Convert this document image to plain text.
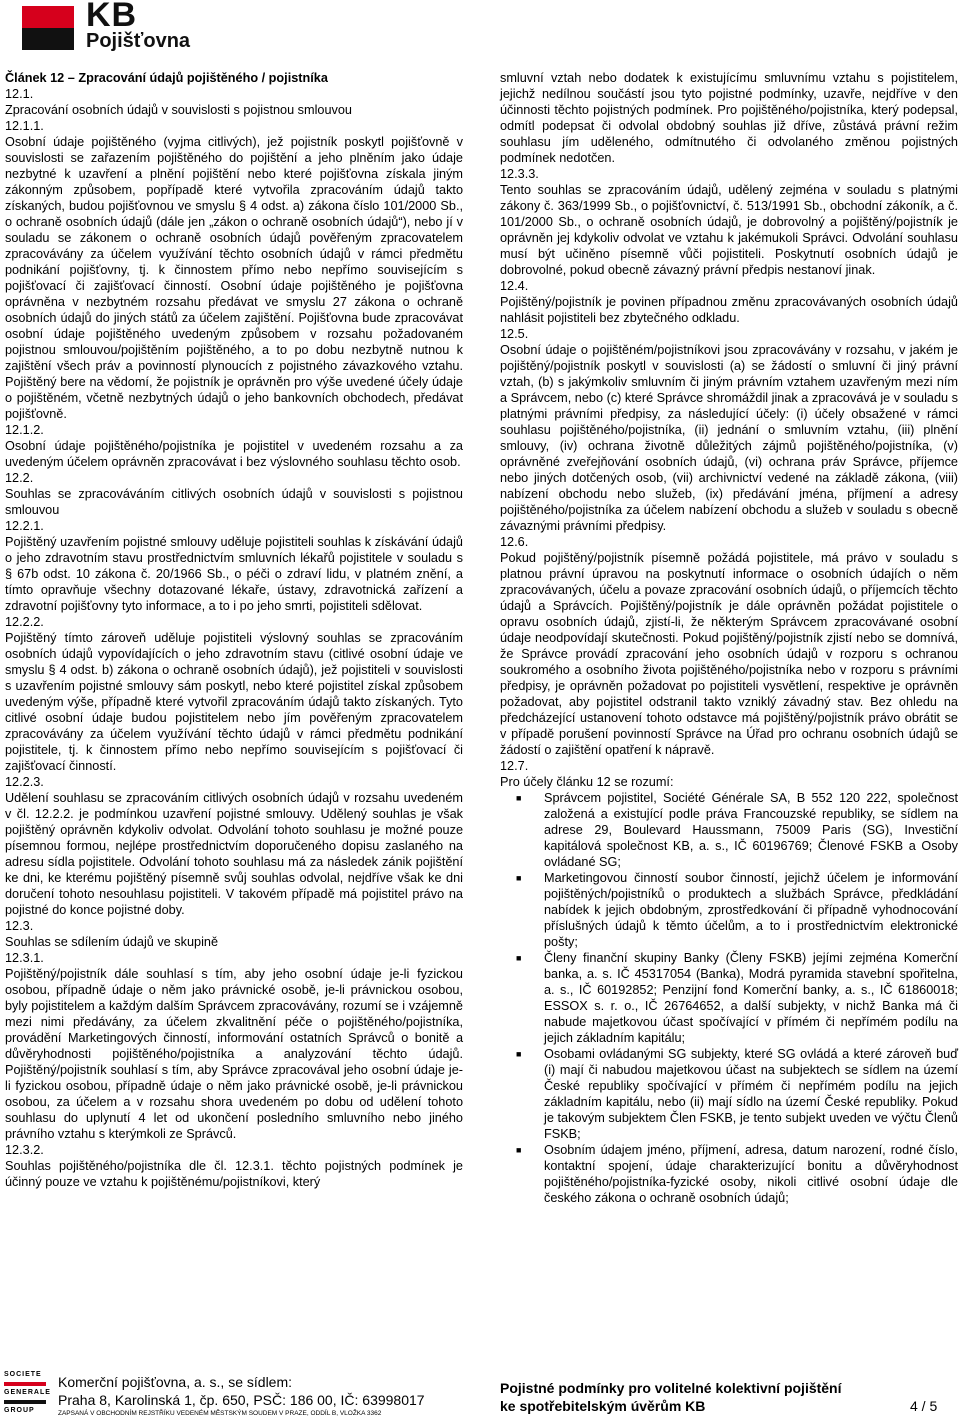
KB
Pojišťovna

Článek 12 – Zpracování údajů pojištěného / pojistníka

12.1.

Zpracování osobních údajů v souvislosti s pojistnou smlouvou

12.1.1.

Osobní údaje pojištěného (vyjma citlivých), jež pojistník poskytl pojišťovně v souvislosti se zařazením pojištěného do pojištění a jeho plněním jako údaje nezbytné k uzavření a plnění pojištění nebo které pojišťovna získala jiným zákonným způsobem, popřípadě které vytvořila zpracováním údajů takto získaných, budou pojišťovnou ve smyslu § 4 odst. a) zákona číslo 101/2000 Sb., o ochraně osobních údajů (dále jen „zákon o ochraně osobních údajů“), nebo jí v souladu se zákonem o ochraně osobních údajů pověřeným zpracovatelem zpracovávány za účelem využívání těchto osobních údajů v rámci předmětu podnikání pojišťovny, tj. k činnostem přímo nebo nepřímo souvisejícím s pojišťovací či zajišťovací činností. Osobní údaje pojištěného je pojišťovna oprávněna v nezbytném rozsahu předávat ve smyslu 27 zákona o ochraně osobních údajů do jiných států za účelem zajištění. Pojišťovna bude zpracovávat osobní údaje pojištěného uvedeným způsobem v rozsahu požadovaném pojistnou smlouvou/pojištěním pojištěného, a to po dobu nezbytně nutnou k zajištění všech práv a povinností plynoucích z pojistného závazkového vztahu. Pojištěný bere na vědomí, že pojistník je oprávněn pro výše uvedené účely údaje o pojištěném, včetně nezbytných údajů o jeho bankovních obchodech, předávat pojišťovně.

12.1.2.

Osobní údaje pojištěného/pojistníka je pojistitel v uvedeném rozsahu a za uvedeným účelem oprávněn zpracovávat i bez výslovného souhlasu těchto osob.

12.2.

Souhlas se zpracováváním citlivých osobních údajů v souvislosti s pojistnou smlouvou

12.2.1.

Pojištěný uzavřením pojistné smlouvy uděluje pojistiteli souhlas k získávání údajů o jeho zdravotním stavu prostřednictvím smluvních lékařů pojistitele v souladu s § 67b odst. 10 zákona č. 20/1966 Sb., o péči o zdraví lidu, v platném znění, a tímto opravňuje všechny dotazované lékaře, ústavy, zdravotnická zařízení a zdravotní pojišťovny tyto informace, a to i po jeho smrti, pojistiteli sdělovat.

12.2.2.

Pojištěný tímto zároveň uděluje pojistiteli výslovný souhlas se zpracováním osobních údajů vypovídajících o jeho zdravotním stavu (citlivé osobní údaje ve smyslu § 4 odst. b) zákona o ochraně osobních údajů), jež pojistiteli v souvislosti s uzavřením pojistné smlouvy sám poskytl, nebo které pojistitel získal způsobem uvedeným výše, případně které vytvořil zpracováním údajů takto získaných. Tyto citlivé osobní údaje budou pojistitelem nebo jím pověřeným zpracovatelem zpracovávány za účelem využívání těchto údajů v rámci předmětu podnikání pojistitele, tj. k činnostem přímo nebo nepřímo souvisejícím s pojišťovací či zajišťovací činností.

12.2.3.

Udělení souhlasu se zpracováním citlivých osobních údajů v rozsahu uvedeném v čl. 12.2.2. je podmínkou uzavření pojistné smlouvy. Udělený souhlas je však pojištěný oprávněn kdykoliv odvolat. Odvolání tohoto souhlasu je možné pouze písemnou formou, nejlépe prostřednictvím doporučeného dopisu zaslaného na adresu sídla pojistitele. Odvolání tohoto souhlasu má za následek zánik pojištění ke dni, ke kterému pojištěný písemně svůj souhlas odvolal, nejdříve však ke dni doručení tohoto nesouhlasu pojistiteli. V takovém případě má pojistitel právo na pojistné do konce pojistné doby.

12.3.

Souhlas se sdílením údajů ve skupině

12.3.1.

Pojištěný/pojistník dále souhlasí s tím, aby jeho osobní údaje je-li fyzickou osobou, případně údaje o něm jako právnické osobě, je-li právnickou osobou, byly pojistitelem a každým dalším Správcem zpracovávány, rozumí se i vzájemně mezi nimi předávány, za účelem zkvalitnění péče o pojištěného/pojistníka, provádění Marketingových činností, informování ostatních Správců o bonitě a důvěryhodnosti pojištěného/pojistníka a analyzování těchto údajů. Pojištěný/pojistník souhlasí s tím, aby Správce zpracovával jeho osobní údaje je-li fyzickou osobou, případně údaje o něm jako právnické osobě, je-li právnickou osobou, za účelem a v rozsahu shora uvedeném po dobu od udělení tohoto souhlasu do uplynutí 4 let od ukončení posledního smluvního nebo jiného právního vztahu s kterýmkoli ze Správců.

12.3.2.

Souhlas pojištěného/pojistníka dle čl. 12.3.1. těchto pojistných podmínek je účinný pouze ve vztahu k pojištěnému/pojistníkovi, který

smluvní vztah nebo dodatek k existujícímu smluvnímu vztahu s pojistitelem, jejichž nedílnou součástí jsou tyto pojistné podmínky, uzavře, nejdříve v den účinnosti těchto pojistných podmínek. Pro pojištěného/pojistníka, který podepsal, odmítl podepsat či odvolal obdobný souhlas již dříve, zůstává právní režim souhlasu jím uděleného, odmítnutého či odvolaného změnou pojistných podmínek nedotčen.

12.3.3.

Tento souhlas se zpracováním údajů, udělený zejména v souladu s platnými zákony č. 363/1999 Sb., o pojišťovnictví, č. 513/1991 Sb., obchodní zákoník, a č. 101/2000 Sb., o ochraně osobních údajů, je dobrovolný a pojištěný/pojistník je oprávněn jej kdykoliv odvolat ve vztahu k jakémukoli Správci. Odvolání souhlasu musí být učiněno písemně vůči pojistiteli. Poskytnutí osobních údajů je dobrovolné, pokud obecně závazný právní předpis nestanoví jinak.

12.4.

Pojištěný/pojistník je povinen případnou změnu zpracovávaných osobních údajů nahlásit pojistiteli bez zbytečného odkladu.

12.5.

Osobní údaje o pojištěném/pojistníkovi jsou zpracovávány v rozsahu, v jakém je pojištěný/pojistník poskytl v souvislosti (a) se žádostí o smluvní či jiný právní vztah, (b) s jakýmkoliv smluvním či jiným právním vztahem uzavřeným mezi ním a Správcem, nebo (c) které Správce shromáždil jinak a zpracovává je v souladu s platnými právními předpisy, za následující účely: (i) účely obsažené v rámci souhlasu pojištěného/pojistníka, (ii) jednání o smluvním vztahu, (iii) plnění smlouvy, (iv) ochrana životně důležitých zájmů pojištěného/pojistníka, (v) oprávněné zveřejňování osobních údajů, (vi) ochrana práv Správce, příjemce nebo jiných dotčených osob, (vii) archivnictví vedené na základě zákona, (viii) nabízení obchodu nebo služeb, (ix) předávání jména, příjmení a adresy pojištěného/pojistníka za účelem nabízení obchodu a služeb v souladu s obecně závaznými právními předpisy.

12.6.

Pokud pojištěný/pojistník písemně požádá pojistitele, má právo v souladu s platnou právní úpravou na poskytnutí informace o osobních údajích o něm zpracovávaných, účelu a povaze zpracování osobních údajů, o příjemcích těchto údajů a Správcích. Pojištěný/pojistník je dále oprávněn požádat pojistitele o opravu osobních údajů, zjistí-li, že některým Správcem zpracovávané osobní údaje neodpovídají skutečnosti. Pokud pojištěný/pojistník zjistí nebo se domnívá, že Správce provádí zpracování jeho osobních údajů v rozporu s ochranou soukromého a osobního života pojištěného/pojistníka nebo v rozporu s právními předpisy, je oprávněn požadovat po pojistiteli vysvětlení, respektive je oprávněn požadovat, aby pojistitel odstranil takto vzniklý závadný stav. Bez ohledu na předcházející ustanovení tohoto odstavce má pojištěný/pojistník právo obrátit se v případě porušení povinností Správce na Úřad pro ochranu osobních údajů se žádostí o zajištění opatření k nápravě.

12.7.

Pro účely článku 12 se rozumí:

■ Správcem pojistitel, Société Générale SA, B 552 120 222, společnost založená a existující podle práva Francouzské republiky, se sídlem na adrese 29, Boulevard Haussmann, 75009 Paris (SG), Investiční kapitálová společnost KB, a. s., IČ 60196769; Členové FSKB a Osoby ovládané SG;
■ Marketingovou činností soubor činností, jejichž účelem je informování pojištěných/pojistníků o produktech a službách Správce, předkládání nabídek k jejich obdobným, zprostředkování či případně vyhodnocování příslušných údajů k těmto účelům, a to i prostřednictvím elektronické pošty;
■ Členy finanční skupiny Banky (Členy FSKB) jejími zejména Komerční banka, a. s. IČ 45317054 (Banka), Modrá pyramida stavební spořitelna, a. s., IČ 60192852; Penzijní fond Komerční banky, a. s., IČ 61860018; ESSOX s. r. o., IČ 26764652, a další subjekty, v nichž Banka má či nabude majetkovou účast spočívající v přímém či nepřímém podílu na jejich základním kapitálu;
■ Osobami ovládanými SG subjekty, které SG ovládá a které zároveň buď (i) mají či nabudou majetkovou účast na subjektech se sídlem na území České republiky spočívající v přímém či nepřímém podílu na jejich základním kapitálu, nebo (ii) mají sídlo na území České republiky. Pokud je takovým subjektem Člen FSKB, je tento subjekt uveden ve výčtu Členů FSKB;
■ Osobním údajem jméno, příjmení, adresa, datum narození, rodné číslo, kontaktní spojení, údaje charakterizující bonitu a důvěryhodnost pojištěného/pojistníka-fyzické osoby, nikoli citlivé osobní údaje dle českého zákona o ochraně osobních údajů;
SOCIETE
GENERALE
GROUP
Komerční pojišťovna, a. s., se sídlem:
Praha 8, Karolinská 1, čp. 650, PSČ: 186 00, IČ: 63998017
ZAPSANÁ V OBCHODNÍM REJSTŘÍKU VEDENÉM MĚSTSKÝM SOUDEM V PRAZE, ODDÍL B, VLOŽKA 3362
Pojistné podmínky pro volitelné kolektivní pojištění
ke spotřebitelským úvěrům KB	4 / 5
